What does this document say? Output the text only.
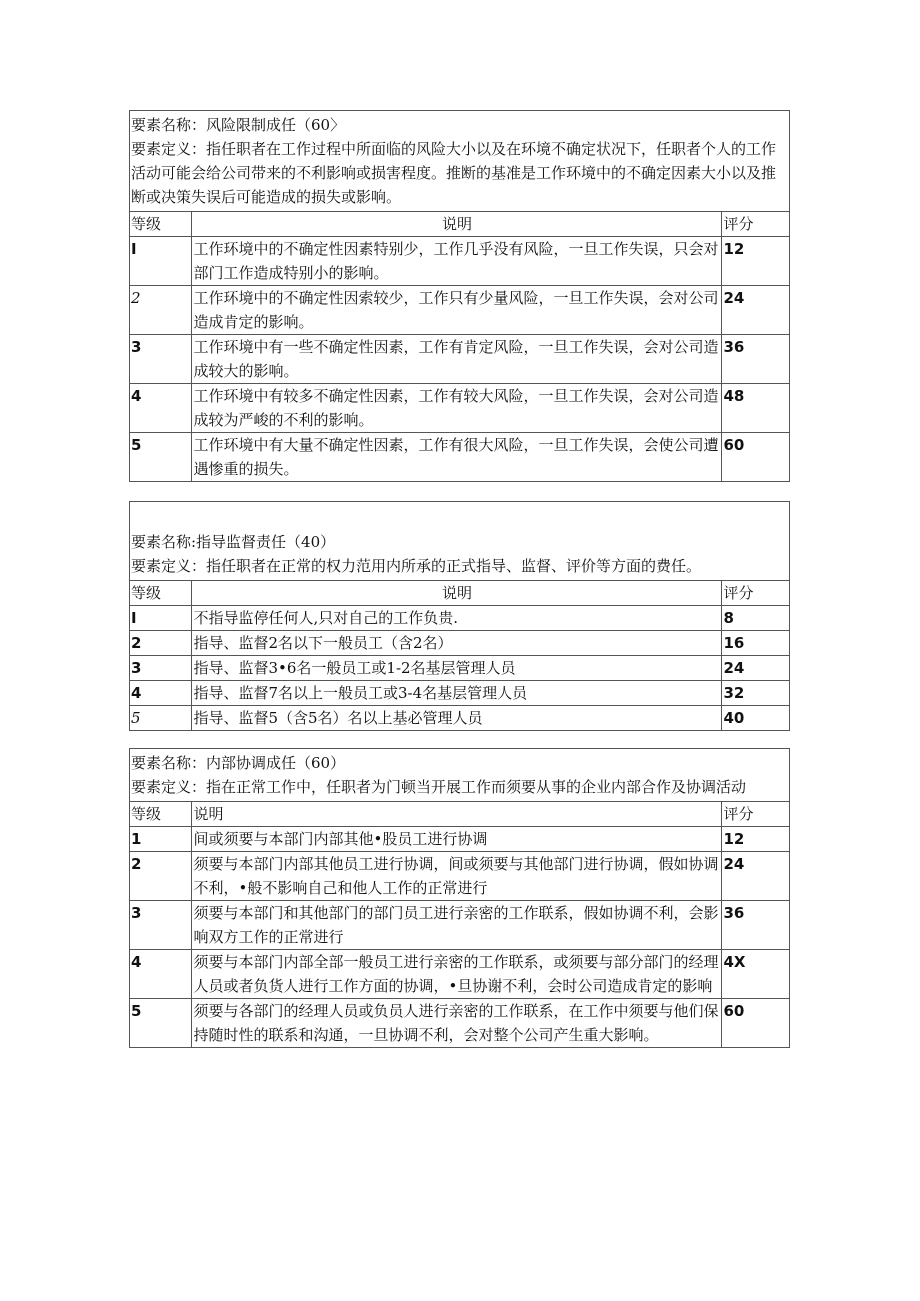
要素名称：风险限制成任（60〉
要素定义：指任职者在工作过程中所面临的风险大小以及在环境不确定状况下，任职者个人的工作活动可能会给公司带来的不利影响或损害程度。推断的基准是工作环境中的不确定因素大小以及推断或决策失误后可能造成的损失或影响。		

等级	说明	评分
I	工作环境中的不确定性因素特别少，工作几乎没有风险，一旦工作失误，只会对部门工作造成特别小的影响。	12
2	工作环境中的不确定性因索较少，工作只有少量风险，一旦工作失误，会对公司造成肯定的影响。	24
3	工作环境中有一些不确定性因素，工作有肯定风险，一旦工作失误，会对公司造成较大的影响。	36
4	工作环境中有较多不确定性因素，工作有较大风险，一旦工作失误，会对公司造成较为严峻的不利的影响。	48
5	工作环境中有大量不确定性因素，工作有很大风险，一旦工作失误，会使公司遭遇惨重的损失。	60
要素名称:指导监督责任（40）
要素定义：指任职者在正常的权力范用内所承的正式指导、监督、评价等方面的费任。		

等级	说明	评分
I	不指导监停任何人,只对自己的工作负贵.	8
2	指导、监督2名以下一般员工（含2名）	16
3	指导、监督3•6名一般员工或1-2名基层管理人员	24
4	指导、监督7名以上一般员工或3-4名基层管理人员	32
5	指导、监督5（含5名）名以上基必管理人员	40
要素名称：内部协调成任（60）
要素定义：指在正常工作中，任职者为门顿当开展工作而须要从事的企业内部合作及协调活动		

等级	说明	评分
1	间或须要与本部门内部其他•股员工进行协调	12
2	须要与本部门内部其他员工进行协调，间或须要与其他部门进行协调，假如协调不利，•般不影响自己和他人工作的正常进行	24
3	须要与本部门和其他部门的部门员工进行亲密的工作联系，假如协调不利，会影响双方工作的正常进行	36
4	须要与本部门内部全部一般员工进行亲密的工作联系，或须要与部分部门的经理人员或者负货人进行工作方面的协调，•旦协谢不利，会时公司造成肯定的影响	4X
5	须要与各部门的经理人员或负员人进行亲密的工作联系，在工作中须要与他们保持随时性的联系和沟通，一旦协调不利，会对整个公司产生重大影响。	60
